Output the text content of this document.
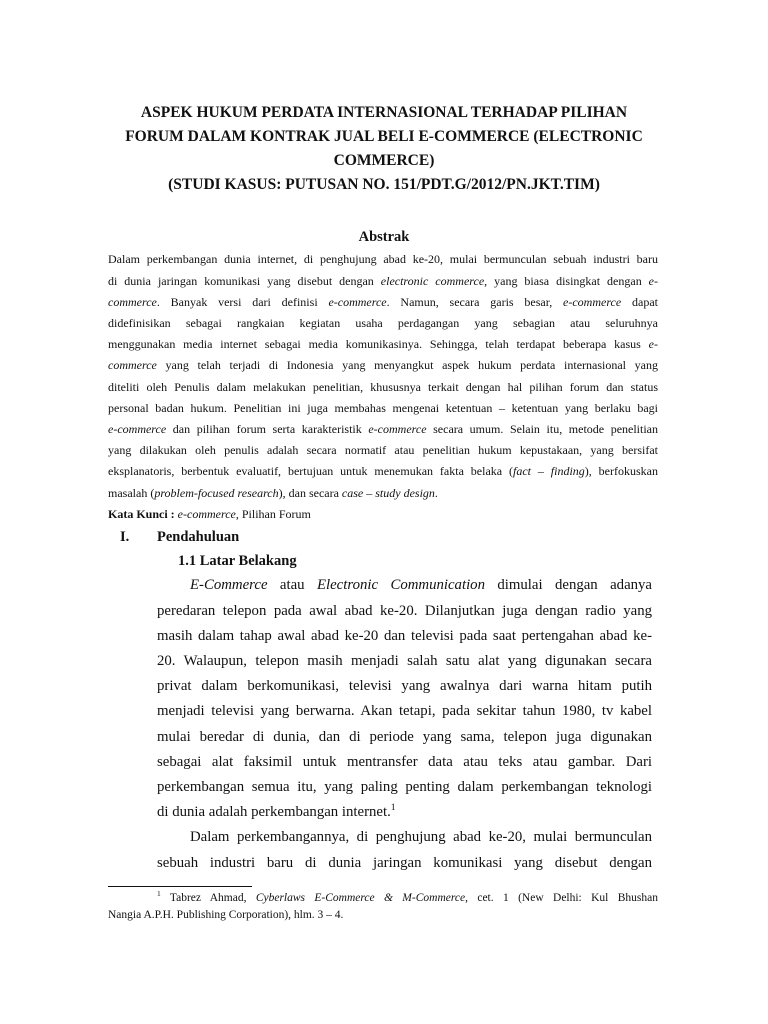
ASPEK HUKUM PERDATA INTERNASIONAL TERHADAP PILIHAN
FORUM DALAM KONTRAK JUAL BELI E-COMMERCE (ELECTRONIC
COMMERCE)
(STUDI KASUS: PUTUSAN NO. 151/PDT.G/2012/PN.JKT.TIM)
Abstrak
Dalam perkembangan dunia internet, di penghujung abad ke-20, mulai bermunculan sebuah industri baru
di dunia jaringan komunikasi yang disebut dengan electronic commerce, yang biasa disingkat dengan e-
commerce. Banyak versi dari definisi e-commerce. Namun, secara garis besar, e-commerce dapat
didefinisikan sebagai rangkaian kegiatan usaha perdagangan yang sebagian atau seluruhnya
menggunakan media internet sebagai media komunikasinya. Sehingga, telah terdapat beberapa kasus e-
commerce yang telah terjadi di Indonesia yang menyangkut aspek hukum perdata internasional yang
diteliti oleh Penulis dalam melakukan penelitian, khususnya terkait dengan hal pilihan forum dan status
personal badan hukum. Penelitian ini juga membahas mengenai ketentuan – ketentuan yang berlaku bagi
e-commerce dan pilihan forum serta karakteristik e-commerce secara umum. Selain itu, metode penelitian
yang dilakukan oleh penulis adalah secara normatif atau penelitian hukum kepustakaan, yang bersifat
eksplanatoris, berbentuk evaluatif, bertujuan untuk menemukan fakta belaka (fact – finding), berfokuskan
masalah (problem-focused research), dan secara case – study design.
Kata Kunci : e-commerce, Pilihan Forum
I. Pendahuluan
1.1 Latar Belakang
E-Commerce atau Electronic Communication dimulai dengan adanya
peredaran telepon pada awal abad ke-20. Dilanjutkan juga dengan radio yang
masih dalam tahap awal abad ke-20 dan televisi pada saat pertengahan abad ke-
20. Walaupun, telepon masih menjadi salah satu alat yang digunakan secara
privat dalam berkomunikasi, televisi yang awalnya dari warna hitam putih
menjadi televisi yang berwarna. Akan tetapi, pada sekitar tahun 1980, tv kabel
mulai beredar di dunia, dan di periode yang sama, telepon juga digunakan
sebagai alat faksimil untuk mentransfer data atau teks atau gambar. Dari
perkembangan semua itu, yang paling penting dalam perkembangan teknologi
di dunia adalah perkembangan internet.$^1$
Dalam perkembangannya, di penghujung abad ke-20, mulai bermunculan
sebuah industri baru di dunia jaringan komunikasi yang disebut dengan
$^1$ Tabrez Ahmad, Cyberlaws E-Commerce & M-Commerce, cet. 1 (New Delhi: Kul Bhushan
Nangia A.P.H. Publishing Corporation), hlm. 3 – 4.
